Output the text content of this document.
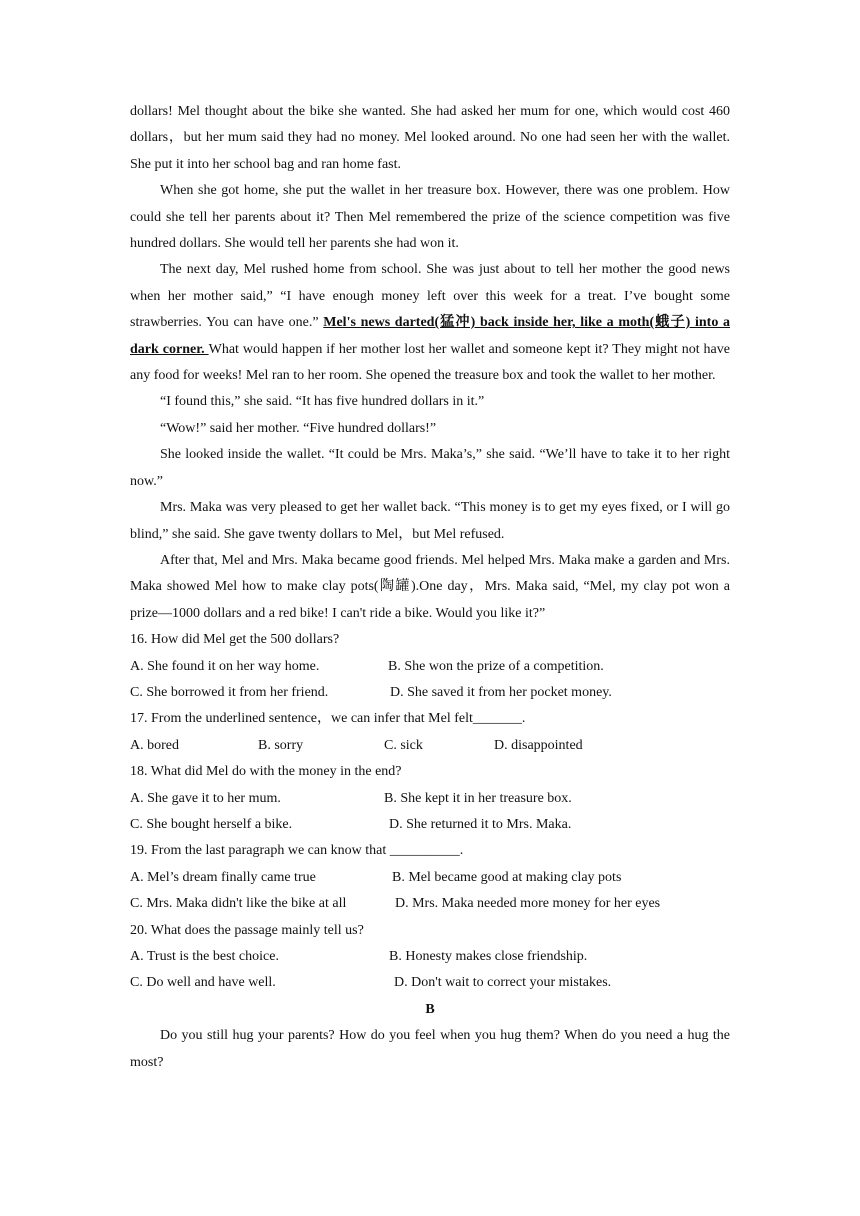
dollars! Mel thought about the bike she wanted. She had asked her mum for one, which would cost 460 dollars，but her mum said they had no money. Mel looked around. No one had seen her with the wallet. She put it into her school bag and ran home fast.

When she got home, she put the wallet in her treasure box. However, there was one problem. How could she tell her parents about it? Then Mel remembered the prize of the science competition was five hundred dollars. She would tell her parents she had won it.

The next day, Mel rushed home from school. She was just about to tell her mother the good news when her mother said,” “I have enough money left over this week for a treat. I’ve bought some strawberries. You can have one.” Mel's news darted(猛冲) back inside her, like a moth(蛾子) into a dark corner. What would happen if her mother lost her wallet and someone kept it? They might not have any food for weeks! Mel ran to her room. She opened the treasure box and took the wallet to her mother.

“I found this,” she said. “It has five hundred dollars in it.”

“Wow!” said her mother. “Five hundred dollars!”

She looked inside the wallet. “It could be Mrs. Maka’s,” she said. “We’ll have to take it to her right now.”

Mrs. Maka was very pleased to get her wallet back. “This money is to get my eyes fixed, or I will go blind,” she said. She gave twenty dollars to Mel，but Mel refused.

After that, Mel and Mrs. Maka became good friends. Mel helped Mrs. Maka make a garden and Mrs. Maka showed Mel how to make clay pots(陶罐).One day，Mrs. Maka said, “Mel, my clay pot won a prize—1000 dollars and a red bike! I can't ride a bike. Would you like it?”

16. How did Mel get the 500 dollars?

A. She found it on her way home.	B. She won the prize of a competition.
C. She borrowed it from her friend.	D. She saved it from her pocket money.

17. From the underlined sentence，we can infer that Mel felt_______.

A. bored	B. sorry	C. sick	D. disappointed

18. What did Mel do with the money in the end?

A. She gave it to her mum.	B. She kept it in her treasure box.
C. She bought herself a bike.	D. She returned it to Mrs. Maka.

19. From the last paragraph we can know that __________.

A. Mel’s dream finally came true	B. Mel became good at making clay pots
C. Mrs. Maka didn't like the bike at all	D. Mrs. Maka needed more money for her eyes

20. What does the passage mainly tell us?

A. Trust is the best choice.	B. Honesty makes close friendship.
C. Do well and have well.	D. Don't wait to correct your mistakes.

B

Do you still hug your parents? How do you feel when you hug them? When do you need a hug the most?
